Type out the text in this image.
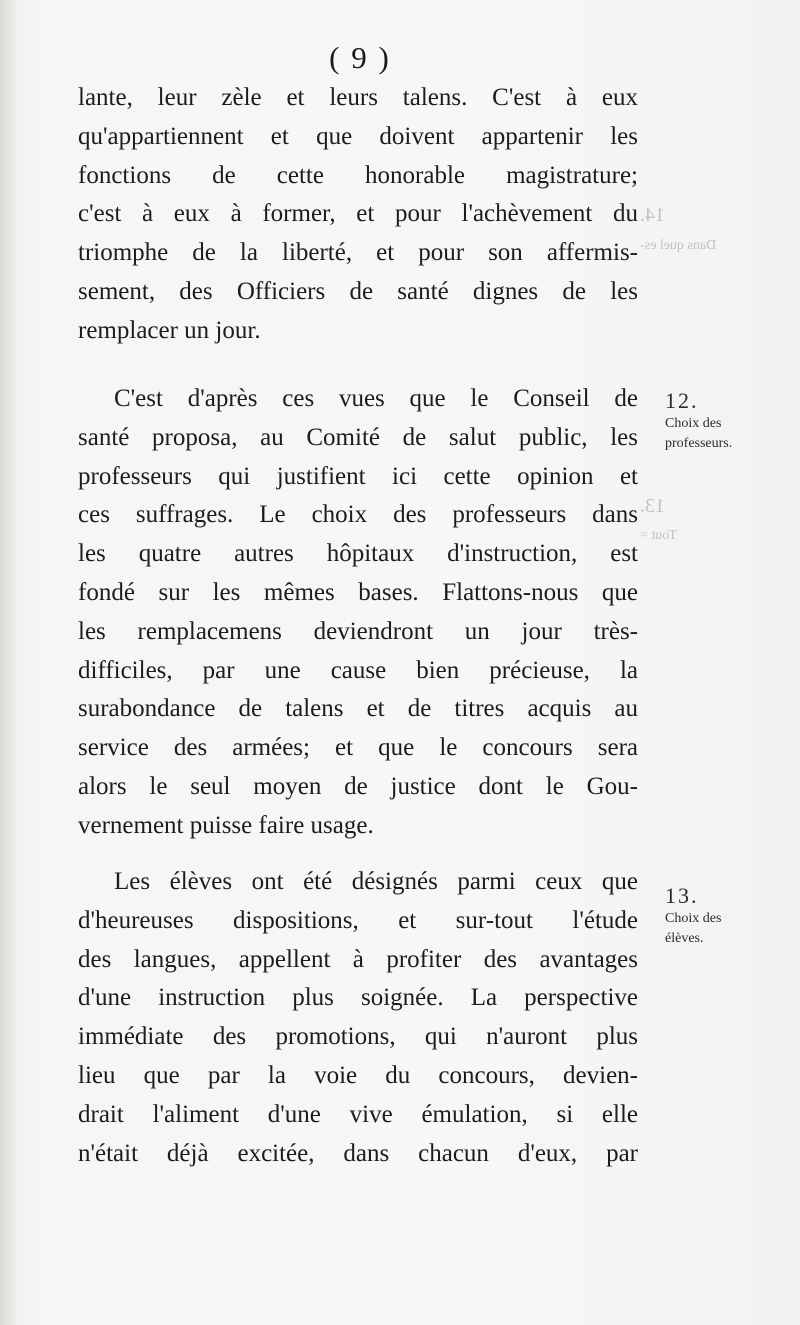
14.
Dans quel es-
13.
Tout =
( 9 )

lante, leur zèle et leurs talens. C'est à eux
qu'appartiennent et que doivent appartenir les
fonctions de cette honorable magistrature;
c'est à eux à former, et pour l'achèvement du
triomphe de la liberté, et pour son affermis-
sement, des Officiers de santé dignes de les
remplacer un jour.

C'est d'après ces vues que le Conseil de
santé proposa, au Comité de salut public, les
professeurs qui justifient ici cette opinion et
ces suffrages. Le choix des professeurs dans
les quatre autres hôpitaux d'instruction, est
fondé sur les mêmes bases. Flattons-nous que
les remplacemens deviendront un jour très-
difficiles, par une cause bien précieuse, la
surabondance de talens et de titres acquis au
service des armées; et que le concours sera
alors le seul moyen de justice dont le Gou-
vernement puisse faire usage.

Les élèves ont été désignés parmi ceux que
d'heureuses dispositions, et sur-tout l'étude
des langues, appellent à profiter des avantages
d'une instruction plus soignée. La perspective
immédiate des promotions, qui n'auront plus
lieu que par la voie du concours, devien-
drait l'aliment d'une vive émulation, si elle
n'était déjà excitée, dans chacun d'eux, par

12.
Choix des
professeurs.
13.
Choix des
élèves.
